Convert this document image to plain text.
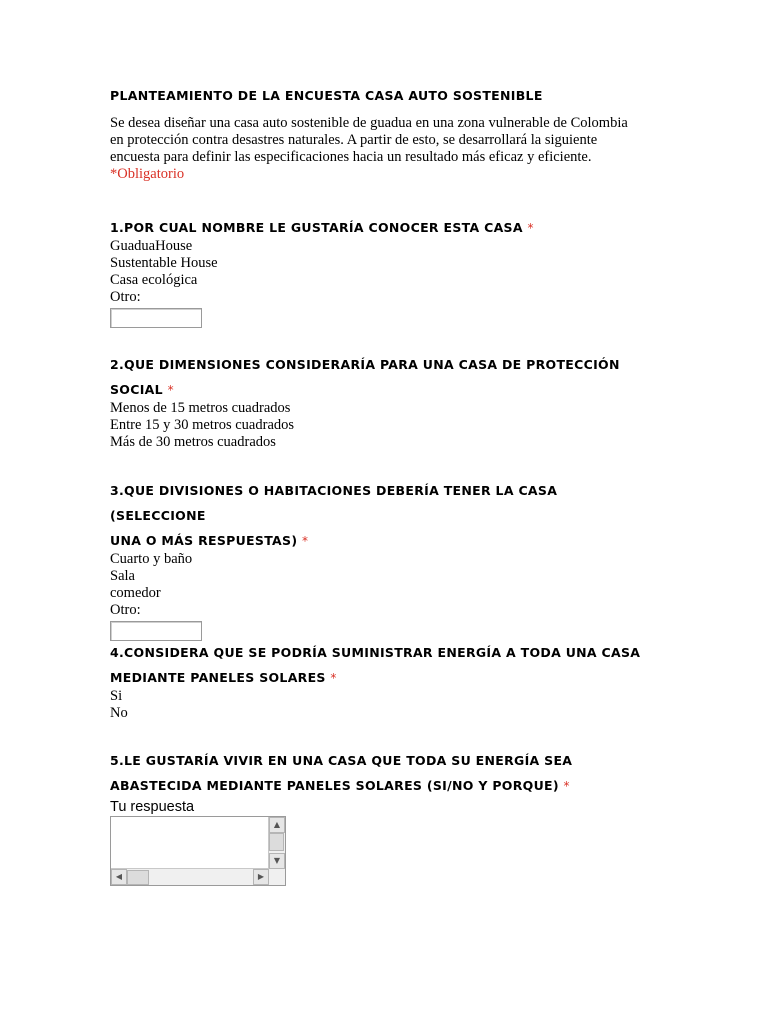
PLANTEAMIENTO DE LA ENCUESTA CASA AUTO SOSTENIBLE
Se desea diseñar una casa auto sostenible de guadua en una zona vulnerable de Colombia en protección contra desastres naturales. A partir de esto, se desarrollará la siguiente encuesta para definir las especificaciones hacia un resultado más eficaz y eficiente.
*Obligatorio
1.POR CUAL NOMBRE LE GUSTARÍA CONOCER ESTA CASA *
GuaduaHouse
Sustentable House
Casa ecológica
Otro:
2.QUE DIMENSIONES CONSIDERARÍA PARA UNA CASA DE PROTECCIÓN
SOCIAL *
Menos de 15 metros cuadrados
Entre 15 y 30 metros cuadrados
Más de 30 metros cuadrados
3.QUE DIVISIONES O HABITACIONES DEBERÍA TENER LA CASA (SELECCIONE
UNA O MÁS RESPUESTAS) *
Cuarto y baño
Sala
comedor
Otro:
4.CONSIDERA QUE SE PODRÍA SUMINISTRAR ENERGÍA A TODA UNA CASA
MEDIANTE PANELES SOLARES *
Si
No
5.LE GUSTARÍA VIVIR EN UNA CASA QUE TODA SU ENERGÍA SEA
ABASTECIDA MEDIANTE PANELES SOLARES (SI/NO Y PORQUE) *
Tu respuesta
▲
▼
◀	▶
